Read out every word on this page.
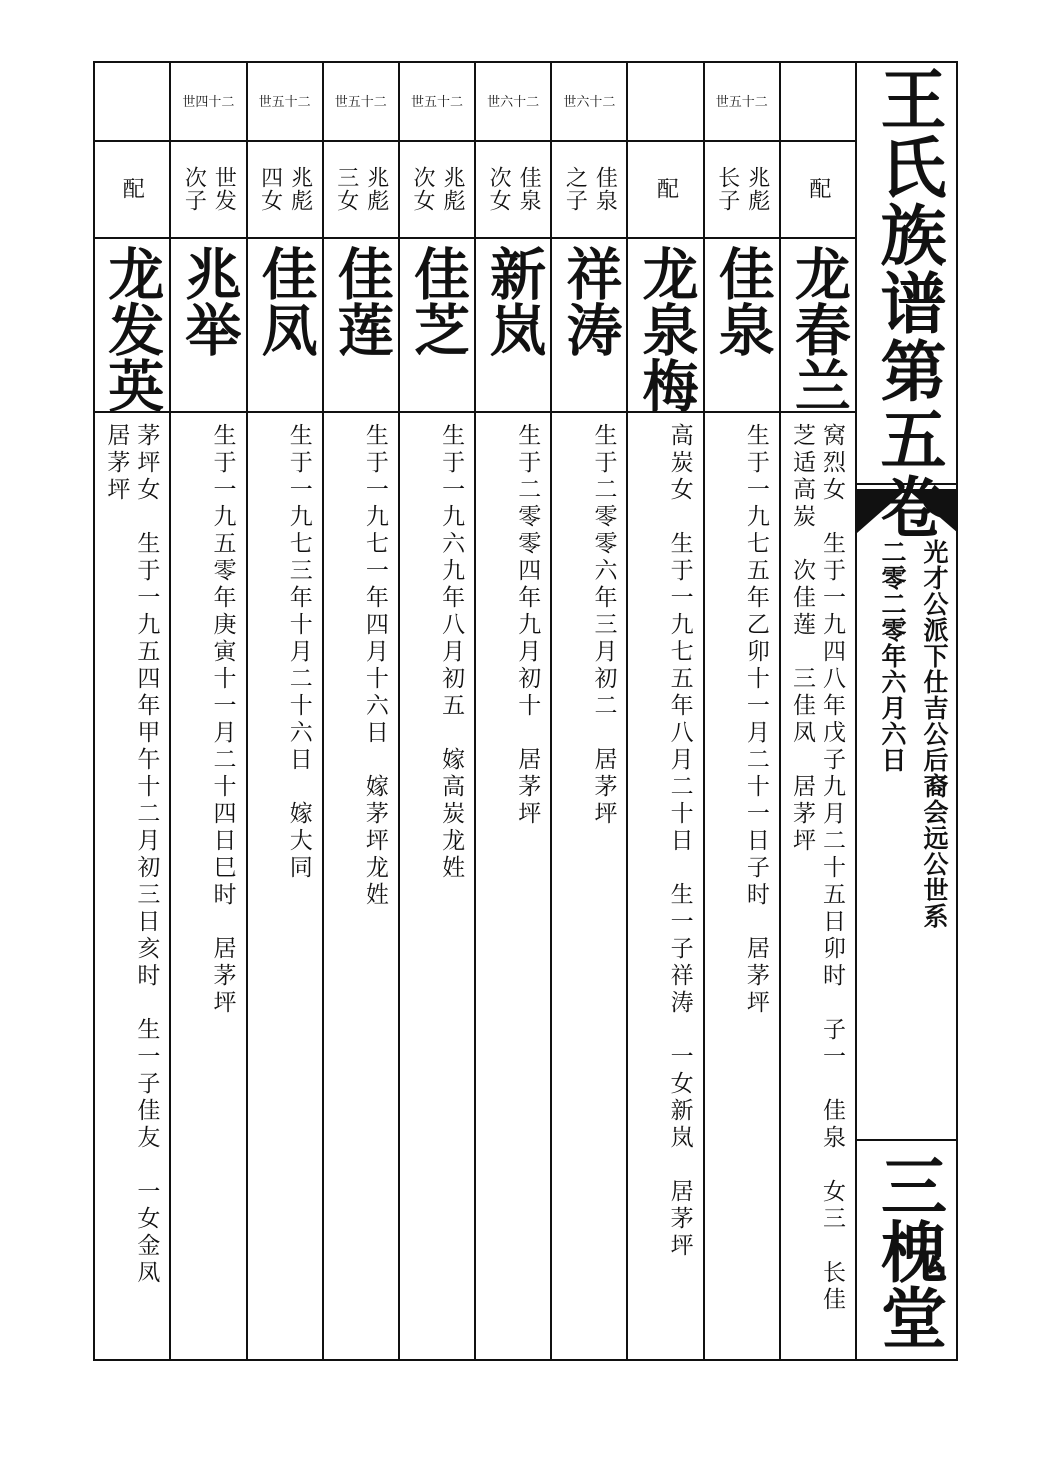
配
龙春兰
窝烈女　生于一九四八年戊子九月二十五日卯时　子一　佳泉　女三　长佳
芝适高炭　次佳莲　三佳凤　居茅坪
世五十二
兆彪
长子
佳泉
生于一九七五年乙卯十一月二十一日子时　居茅坪
配
龙泉梅
高炭女　生于一九七五年八月二十日　生一子祥涛　一女新岚　居茅坪
世六十二
佳泉
之子
祥涛
生于二零零六年三月初二　居茅坪
世六十二
佳泉
次女
新岚
生于二零零四年九月初十　居茅坪
世五十二
兆彪
次女
佳芝
生于一九六九年八月初五　嫁高炭龙姓
世五十二
兆彪
三女
佳莲
生于一九七一年四月十六日　嫁茅坪龙姓
世五十二
兆彪
四女
佳凤
生于一九七三年十月二十六日　嫁大同
世四十二
世发
次子
兆举
生于一九五零年庚寅十一月二十四日巳时　居茅坪
配
龙发英
茅坪女　生于一九五四年甲午十二月初三日亥时　生一子佳友　一女金凤
居茅坪	王氏族谱第五卷
光才公派下仕吉公后裔会远公世系
二零二零年六月六日
三槐堂
